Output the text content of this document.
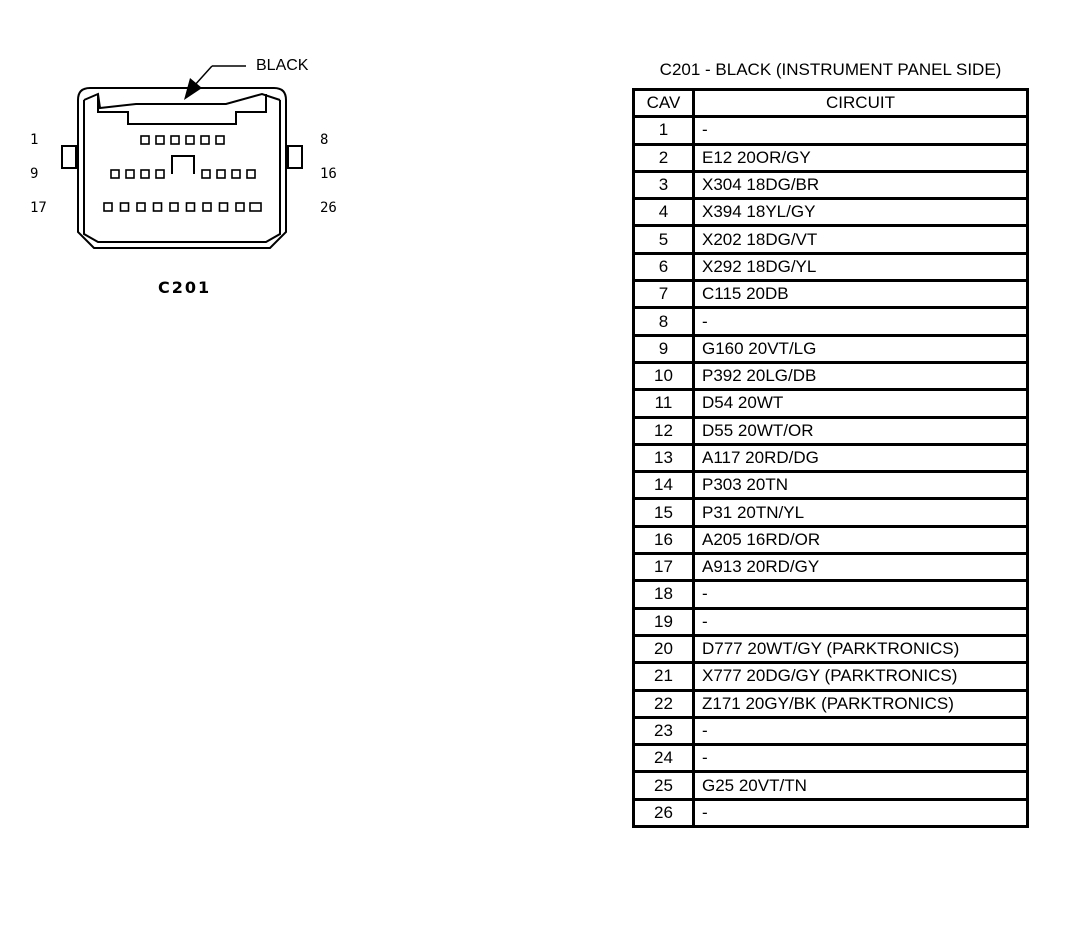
BLACK
1	8
9	16
17	26
C201
C201 - BLACK (INSTRUMENT PANEL SIDE)
CAV	CIRCUIT
1	-
2	E12 20OR/GY
3	X304 18DG/BR
4	X394 18YL/GY
5	X202 18DG/VT
6	X292 18DG/YL
7	C115 20DB
8	-
9	G160 20VT/LG
10	P392 20LG/DB
11	D54 20WT
12	D55 20WT/OR
13	A117 20RD/DG
14	P303 20TN
15	P31 20TN/YL
16	A205 16RD/OR
17	A913 20RD/GY
18	-
19	-
20	D777 20WT/GY (PARKTRONICS)
21	X777 20DG/GY (PARKTRONICS)
22	Z171 20GY/BK (PARKTRONICS)
23	-
24	-
25	G25 20VT/TN
26	-
